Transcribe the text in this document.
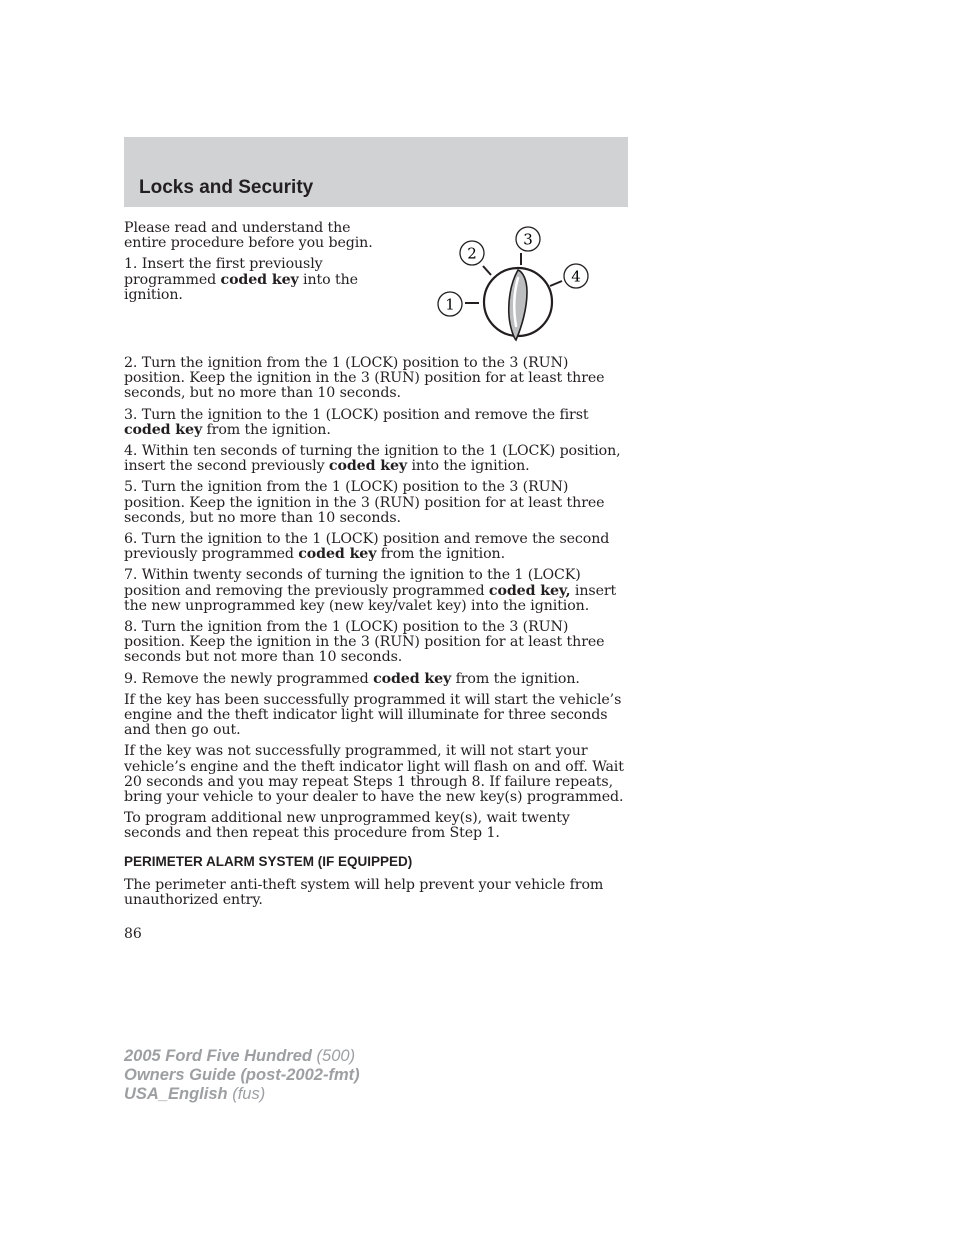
Locks and Security

Please read and understand the entire procedure before you begin.

1. Insert the first previously programmed coded key into the ignition.

1
2
3
4

2. Turn the ignition from the 1 (LOCK) position to the 3 (RUN) position. Keep the ignition in the 3 (RUN) position for at least three seconds, but no more than 10 seconds.

3. Turn the ignition to the 1 (LOCK) position and remove the first coded key from the ignition.

4. Within ten seconds of turning the ignition to the 1 (LOCK) position, insert the second previously coded key into the ignition.

5. Turn the ignition from the 1 (LOCK) position to the 3 (RUN) position. Keep the ignition in the 3 (RUN) position for at least three seconds, but no more than 10 seconds.

6. Turn the ignition to the 1 (LOCK) position and remove the second previously programmed coded key from the ignition.

7. Within twenty seconds of turning the ignition to the 1 (LOCK) position and removing the previously programmed coded key, insert the new unprogrammed key (new key/valet key) into the ignition.

8. Turn the ignition from the 1 (LOCK) position to the 3 (RUN) position. Keep the ignition in the 3 (RUN) position for at least three seconds but not more than 10 seconds.

9. Remove the newly programmed coded key from the ignition.

If the key has been successfully programmed it will start the vehicle’s engine and the theft indicator light will illuminate for three seconds and then go out.

If the key was not successfully programmed, it will not start your vehicle’s engine and the theft indicator light will flash on and off. Wait 20 seconds and you may repeat Steps 1 through 8. If failure repeats, bring your vehicle to your dealer to have the new key(s) programmed.

To program additional new unprogrammed key(s), wait twenty seconds and then repeat this procedure from Step 1.

PERIMETER ALARM SYSTEM (IF EQUIPPED)

The perimeter anti-theft system will help prevent your vehicle from unauthorized entry.

86
2005 Ford Five Hundred (500)
Owners Guide (post-2002-fmt)
USA_English (fus)
